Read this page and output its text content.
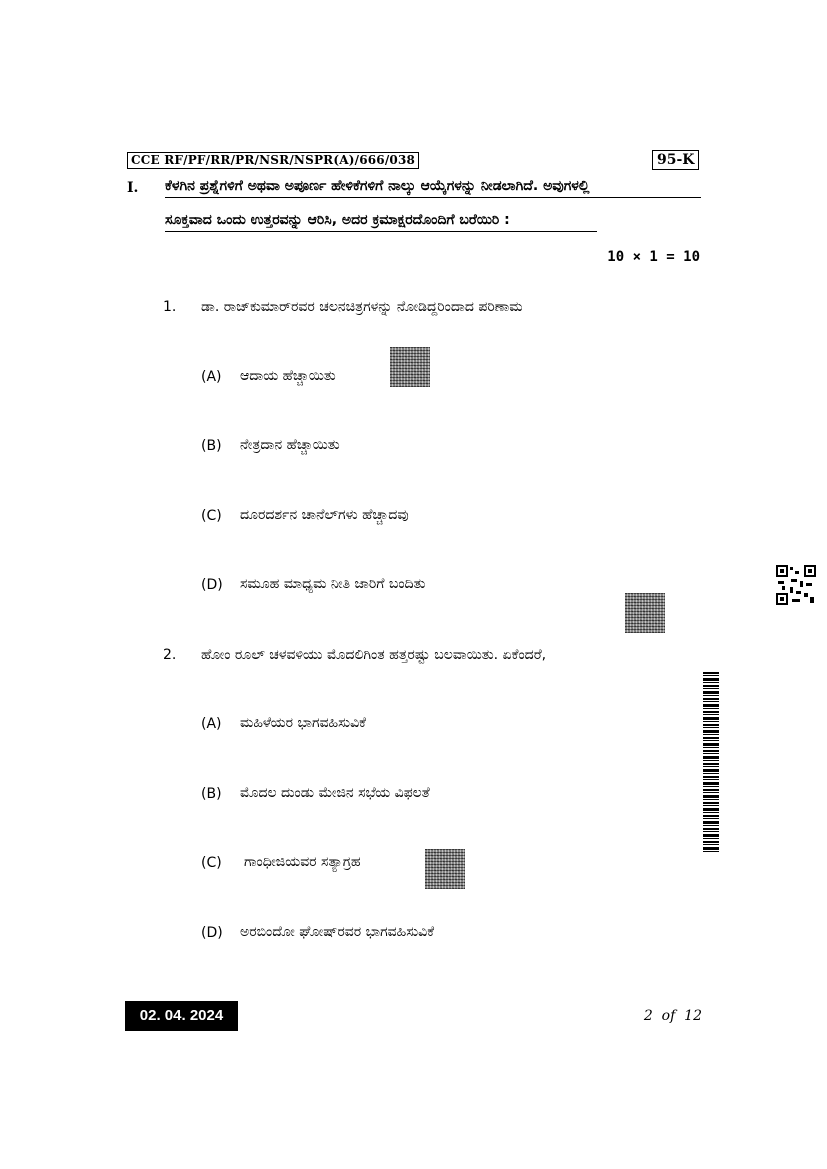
CCE RF/PF/RR/PR/NSR/NSPR(A)/666/038	95-K
I. ಕೆಳಗಿನ ಪ್ರಶ್ನೆಗಳಿಗೆ ಅಥವಾ ಅಪೂರ್ಣ ಹೇಳಿಕೆಗಳಿಗೆ ನಾಲ್ಕು ಆಯ್ಕೆಗಳನ್ನು ನೀಡಲಾಗಿದೆ. ಅವುಗಳಲ್ಲಿ
ಸೂಕ್ತವಾದ ಒಂದು ಉತ್ತರವನ್ನು ಆರಿಸಿ, ಅದರ ಕ್ರಮಾಕ್ಷರದೊಂದಿಗೆ ಬರೆಯಿರಿ :
10 × 1 = 10
1. ಡಾ. ರಾಜ್‌ಕುಮಾರ್‌ರವರ ಚಲನಚಿತ್ರಗಳನ್ನು ನೋಡಿದ್ದರಿಂದಾದ ಪರಿಣಾಮ
(A) ಆದಾಯ ಹೆಚ್ಚಾಯಿತು
(B) ನೇತ್ರದಾನ ಹೆಚ್ಚಾಯಿತು
(C) ದೂರದರ್ಶನ ಚಾನೆಲ್‌ಗಳು ಹೆಚ್ಚಾದವು
(D) ಸಮೂಹ ಮಾಧ್ಯಮ ನೀತಿ ಜಾರಿಗೆ ಬಂದಿತು
2. ಹೋಂ ರೂಲ್ ಚಳವಳಿಯು ಮೊದಲಿಗಿಂತ ಹತ್ತರಷ್ಟು ಬಲವಾಯಿತು. ಏಕೆಂದರೆ,
(A) ಮಹಿಳೆಯರ ಭಾಗವಹಿಸುವಿಕೆ
(B) ಮೊದಲ ದುಂಡು ಮೇಜಿನ ಸಭೆಯ ವಿಫಲತೆ
(C) ಗಾಂಧೀಜಿಯವರ ಸತ್ಯಾಗ್ರಹ
(D) ಅರಬಿಂದೋ ಘೋಷ್‌ರವರ ಭಾಗವಹಿಸುವಿಕೆ
02. 04. 2024	2  of  12
